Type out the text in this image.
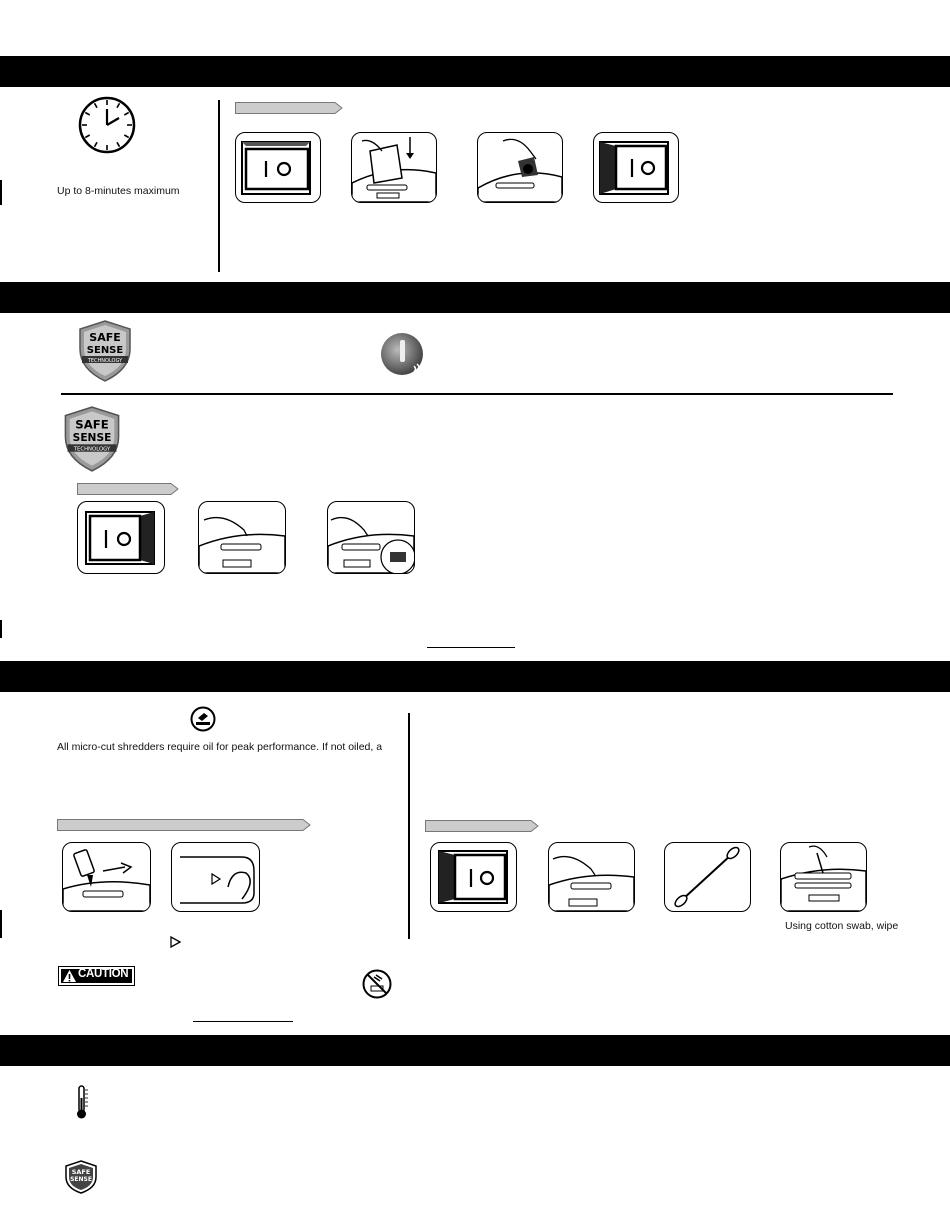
Up to 8-minutes maximum
SAFE
SENSE
TECHNOLOGY
SAFE
SENSE
TECHNOLOGY
All micro-cut shredders require oil for peak performance. If not oiled, a
Using cotton swab, wipe
CAUTION
SAFE
SENSE
